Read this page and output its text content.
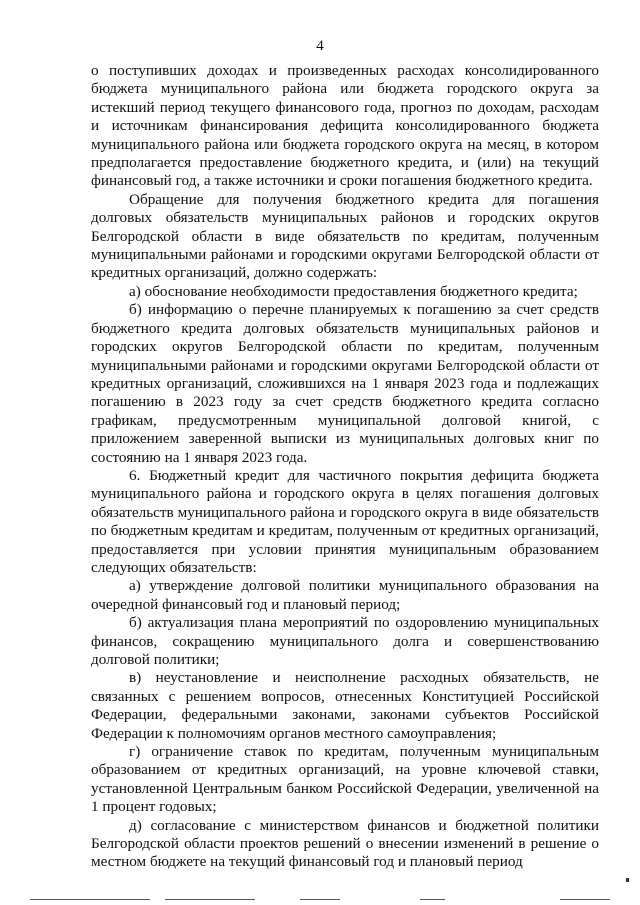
4

о поступивших доходах и произведенных расходах консолидированного бюджета муниципального района или бюджета городского округа за истекший период текущего финансового года, прогноз по доходам, расходам и источникам финансирования дефицита консолидированного бюджета муниципального района или бюджета городского округа на месяц, в котором предполагается предоставление бюджетного кредита, и (или) на текущий финансовый год, а также источники и сроки погашения бюджетного кредита.

Обращение для получения бюджетного кредита для погашения долговых обязательств муниципальных районов и городских округов Белгородской области в виде обязательств по кредитам, полученным муниципальными районами и городскими округами Белгородской области от кредитных организаций, должно содержать:

а) обоснование необходимости предоставления бюджетного кредита;

б) информацию о перечне планируемых к погашению за счет средств бюджетного кредита долговых обязательств муниципальных районов и городских округов Белгородской области по кредитам, полученным муниципальными районами и городскими округами Белгородской области от кредитных организаций, сложившихся на 1 января 2023 года и подлежащих погашению в 2023 году за счет средств бюджетного кредита согласно графикам, предусмотренным муниципальной долговой книгой, с приложением заверенной выписки из муниципальных долговых книг по состоянию на 1 января 2023 года.

6. Бюджетный кредит для частичного покрытия дефицита бюджета муниципального района и городского округа в целях погашения долговых обязательств муниципального района и городского округа в виде обязательств по бюджетным кредитам и кредитам, полученным от кредитных организаций, предоставляется при условии принятия муниципальным образованием следующих обязательств:

а) утверждение долговой политики муниципального образования на очередной финансовый год и плановый период;

б) актуализация плана мероприятий по оздоровлению муниципальных финансов, сокращению муниципального долга и совершенствованию долговой политики;

в) неустановление и неисполнение расходных обязательств, не связанных с решением вопросов, отнесенных Конституцией Российской Федерации, федеральными законами, законами субъектов Российской Федерации к полномочиям органов местного самоуправления;

г) ограничение ставок по кредитам, полученным муниципальным образованием от кредитных организаций, на уровне ключевой ставки, установленной Центральным банком Российской Федерации, увеличенной на 1 процент годовых;

д) согласование с министерством финансов и бюджетной политики Белгородской области проектов решений о внесении изменений в решение о местном бюджете на текущий финансовый год и плановый период
